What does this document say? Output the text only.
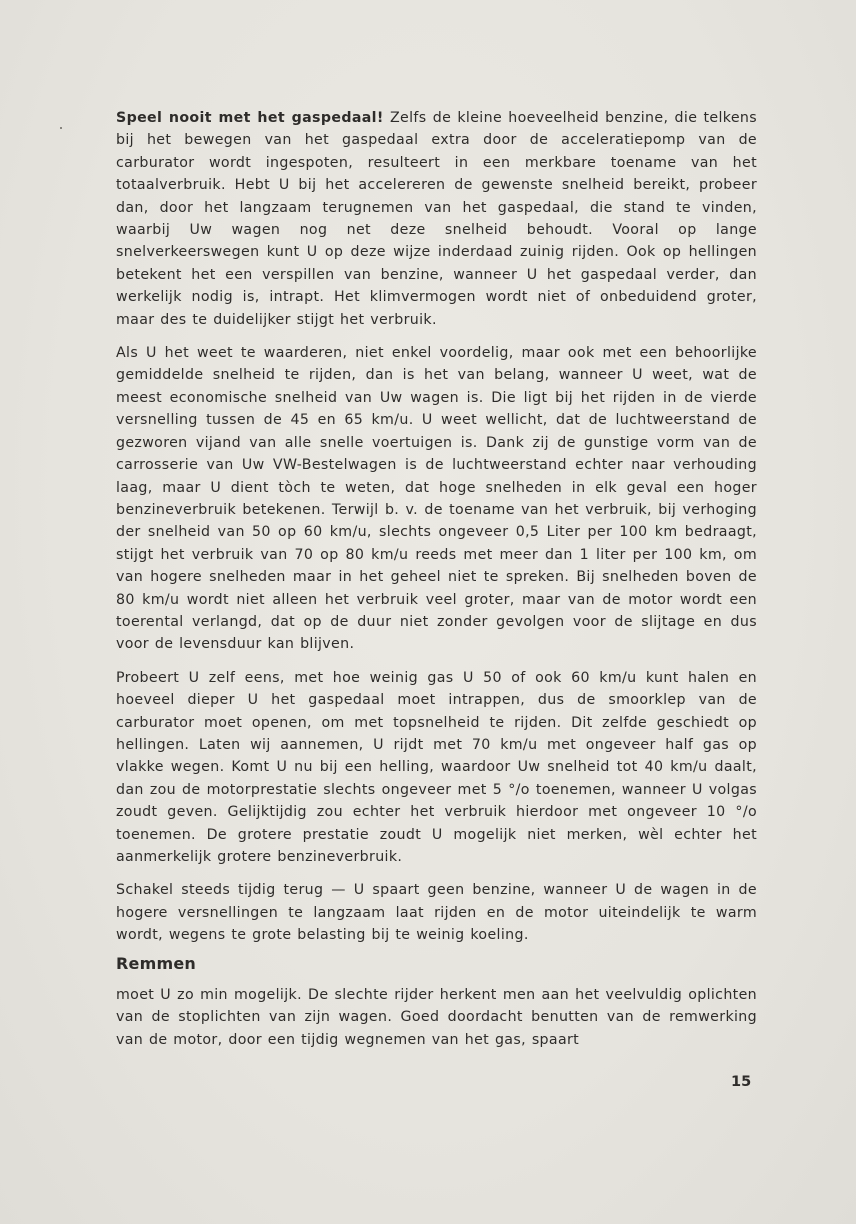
Speel nooit met het gaspedaal! Zelfs de kleine hoeveelheid benzine, die telkens bij het bewegen van het gaspedaal extra door de acceleratiepomp van de carburator wordt ingespoten, resulteert in een merkbare toename van het totaalverbruik. Hebt U bij het accelereren de gewenste snelheid bereikt, probeer dan, door het langzaam terugnemen van het gaspedaal, die stand te vinden, waarbij Uw wagen nog net deze snelheid behoudt. Vooral op lange snelverkeerswegen kunt U op deze wijze inderdaad zuinig rijden. Ook op hellingen betekent het een verspillen van benzine, wanneer U het gaspedaal verder, dan werkelijk nodig is, intrapt. Het klimvermogen wordt niet of onbeduidend groter, maar des te duidelijker stijgt het verbruik.

Als U het weet te waarderen, niet enkel voordelig, maar ook met een behoorlijke gemiddelde snelheid te rijden, dan is het van belang, wanneer U weet, wat de meest economische snelheid van Uw wagen is. Die ligt bij het rijden in de vierde versnelling tussen de 45 en 65 km/u. U weet wellicht, dat de luchtweerstand de gezworen vijand van alle snelle voertuigen is. Dank zij de gunstige vorm van de carrosserie van Uw VW-Bestelwagen is de luchtweerstand echter naar verhouding laag, maar U dient tòch te weten, dat hoge snelheden in elk geval een hoger benzineverbruik betekenen. Terwijl b. v. de toename van het verbruik, bij verhoging der snelheid van 50 op 60 km/u, slechts ongeveer 0,5 Liter per 100 km bedraagt, stijgt het verbruik van 70 op 80 km/u reeds met meer dan 1 liter per 100 km, om van hogere snelheden maar in het geheel niet te spreken. Bij snelheden boven de 80 km/u wordt niet alleen het verbruik veel groter, maar van de motor wordt een toerental verlangd, dat op de duur niet zonder gevolgen voor de slijtage en dus voor de levensduur kan blijven.

Probeert U zelf eens, met hoe weinig gas U 50 of ook 60 km/u kunt halen en hoeveel dieper U het gaspedaal moet intrappen, dus de smoorklep van de carburator moet openen, om met topsnelheid te rijden. Dit zelfde geschiedt op hellingen. Laten wij aannemen, U rijdt met 70 km/u met ongeveer half gas op vlakke wegen. Komt U nu bij een helling, waardoor Uw snelheid tot 40 km/u daalt, dan zou de motorprestatie slechts ongeveer met 5 °/o toenemen, wanneer U volgas zoudt geven. Gelijktijdig zou echter het verbruik hierdoor met ongeveer 10 °/o toenemen. De grotere prestatie zoudt U mogelijk niet merken, wèl echter het aanmerkelijk grotere benzineverbruik.

Schakel steeds tijdig terug — U spaart geen benzine, wanneer U de wagen in de hogere versnellingen te langzaam laat rijden en de motor uiteindelijk te warm wordt, wegens te grote belasting bij te weinig koeling.

Remmen

moet U zo min mogelijk. De slechte rijder herkent men aan het veelvuldig oplichten van de stoplichten van zijn wagen. Goed doordacht benutten van de remwerking van de motor, door een tijdig wegnemen van het gas, spaart

15
